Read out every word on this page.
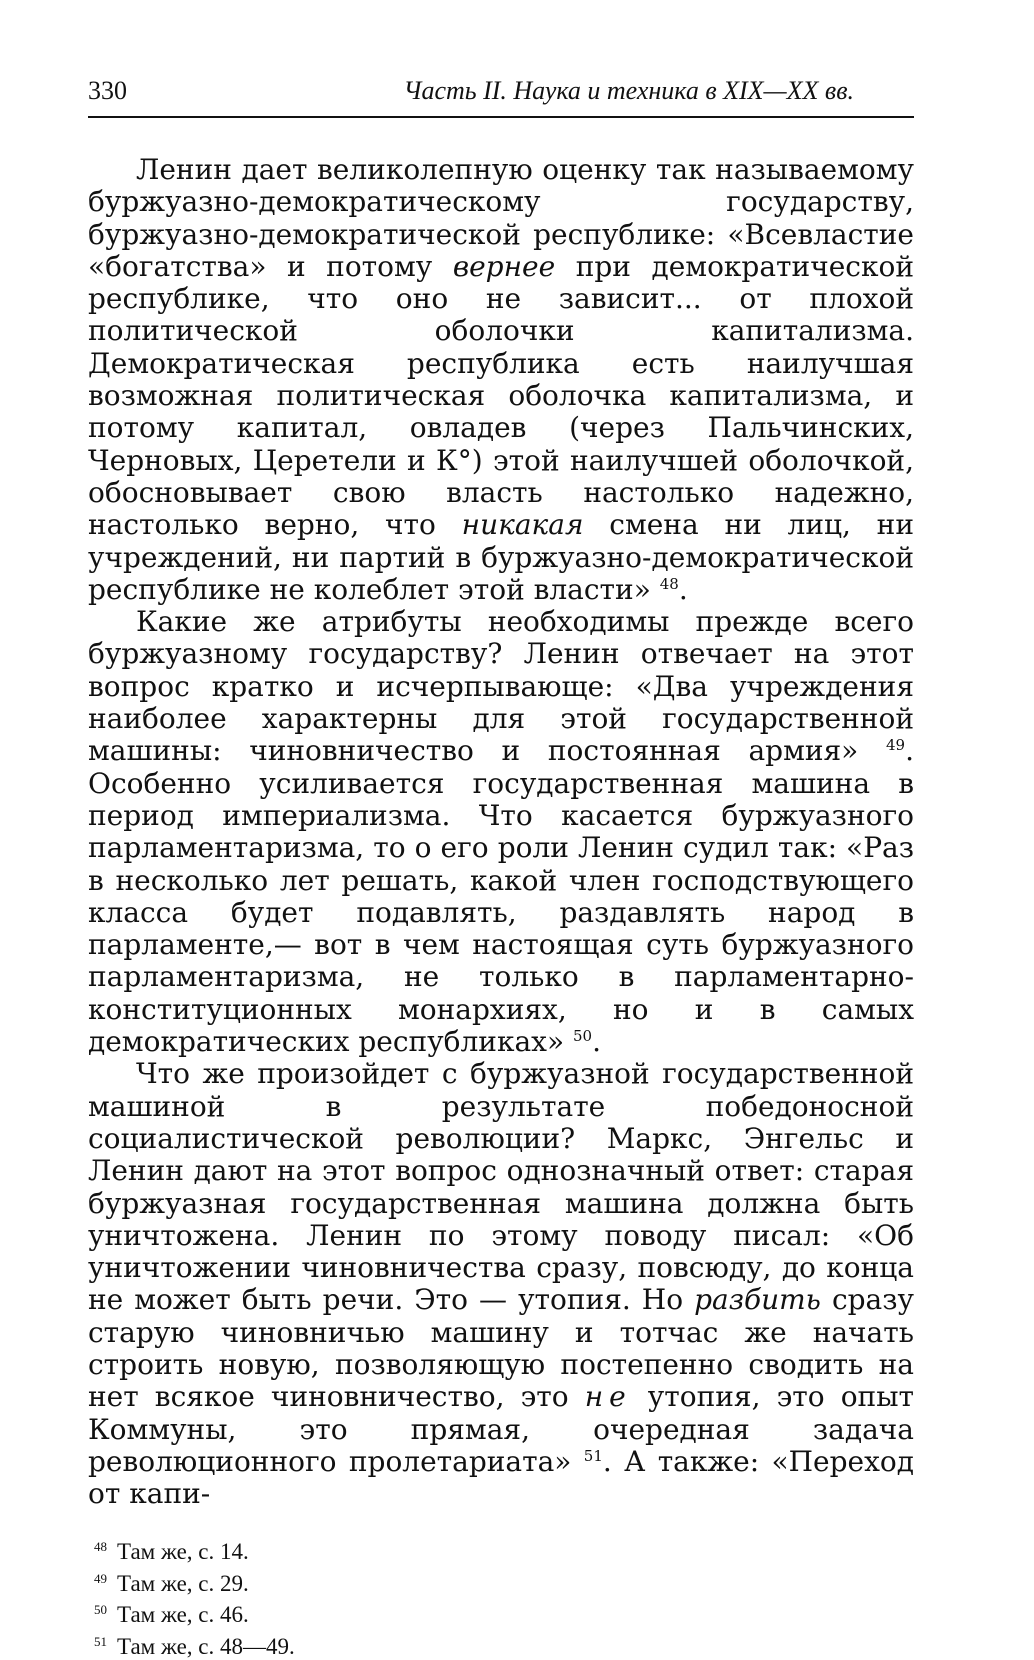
330	Часть II. Наука и техника в XIX—XX вв.

Ленин дает великолепную оценку так называемому буржуазно-демократическому государству, буржуазно-демократической республике: «Всевластие «богатства» и потому вернее при демократической республике, что оно не зависит... от плохой политической оболочки капитализма. Демократическая республика есть наилучшая возможная политическая оболочка капитализма, и потому капитал, овладев (через Пальчинских, Черновых, Церетели и К°) этой наилучшей оболочкой, обосновывает свою власть настолько надежно, настолько верно, что никакая смена ни лиц, ни учреждений, ни партий в буржуазно-демократической республике не колеблет этой власти» $^{48}$.

Какие же атрибуты необходимы прежде всего буржуазному государству? Ленин отвечает на этот вопрос кратко и исчерпывающе: «Два учреждения наиболее характерны для этой государственной машины: чиновничество и постоянная армия» $^{49}$. Особенно усиливается государственная машина в период империализма. Что касается буржуазного парламентаризма, то о его роли Ленин судил так: «Раз в несколько лет решать, какой член господствующего класса будет подавлять, раздавлять народ в парламенте,— вот в чем настоящая суть буржуазного парламентаризма, не только в парламентарно-конституционных монархиях, но и в самых демократических республиках» $^{50}$.

Что же произойдет с буржуазной государственной машиной в результате победоносной социалистической революции? Маркс, Энгельс и Ленин дают на этот вопрос однозначный ответ: старая буржуазная государственная машина должна быть уничтожена. Ленин по этому поводу писал: «Об уничтожении чиновничества сразу, повсюду, до конца не может быть речи. Это — утопия. Но разбить сразу старую чиновничью машину и тотчас же начать строить новую, позволяющую постепенно сводить на нет всякое чиновничество, это не утопия, это опыт Коммуны, это прямая, очередная задача революционного пролетариата» $^{51}$. А также: «Переход от капи-

$^{48}$ Там же, с. 14.
$^{49}$ Там же, с. 29.
$^{50}$ Там же, с. 46.
$^{51}$ Там же, с. 48—49.
